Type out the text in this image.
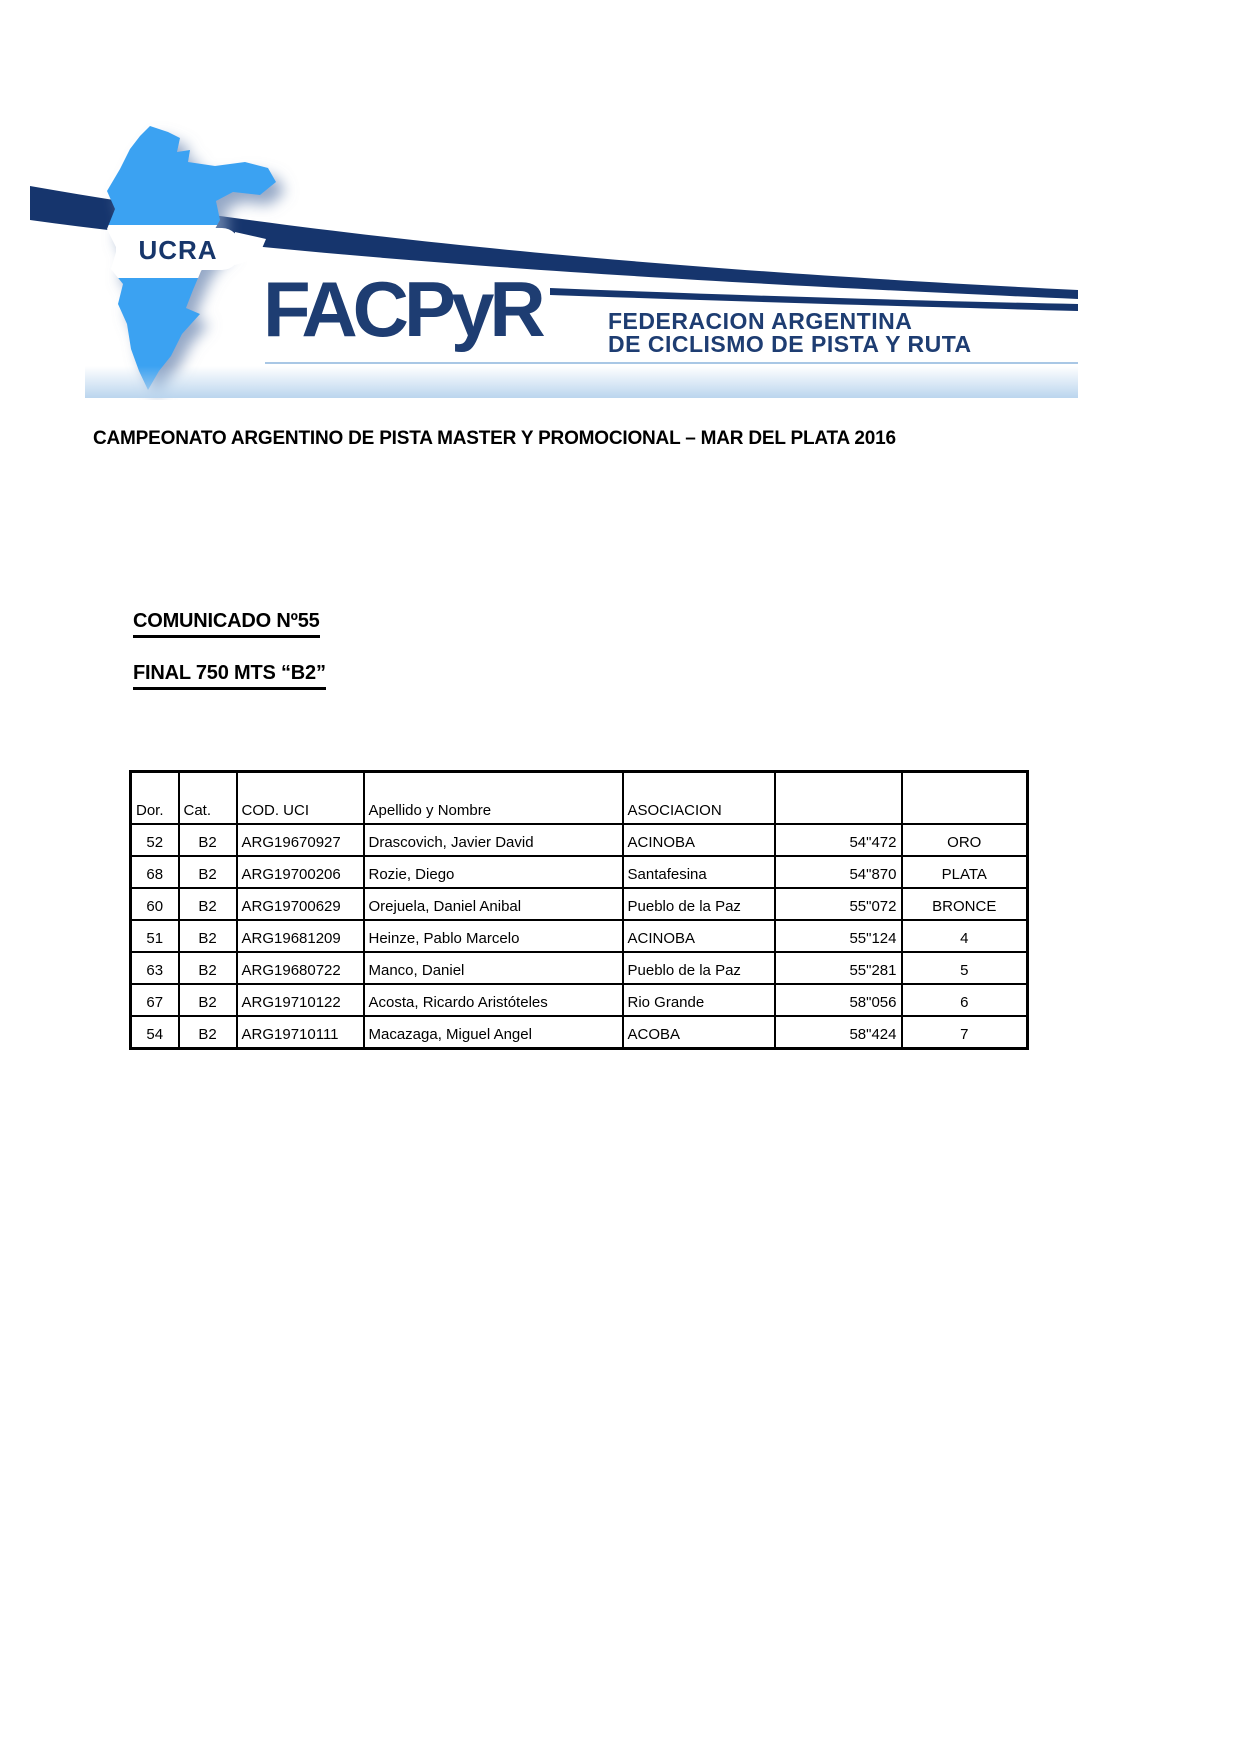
UCRA
FACPyR	FEDERACION ARGENTINA
DE CICLISMO DE PISTA Y RUTA
CAMPEONATO ARGENTINO DE PISTA MASTER Y PROMOCIONAL – MAR DEL PLATA 2016
COMUNICADO Nº55
FINAL 750 MTS “B2”
Dor.	Cat.	COD. UCI	Apellido y Nombre	ASOCIACION		
52	B2	ARG19670927	Drascovich, Javier David	ACINOBA	54"472	ORO
68	B2	ARG19700206	Rozie, Diego	Santafesina	54"870	PLATA
60	B2	ARG19700629	Orejuela, Daniel Anibal	Pueblo de la Paz	55"072	BRONCE
51	B2	ARG19681209	Heinze, Pablo Marcelo	ACINOBA	55"124	4
63	B2	ARG19680722	Manco, Daniel	Pueblo de la Paz	55"281	5
67	B2	ARG19710122	Acosta, Ricardo Aristóteles	Rio Grande	58"056	6
54	B2	ARG19710111	Macazaga, Miguel Angel	ACOBA	58"424	7
